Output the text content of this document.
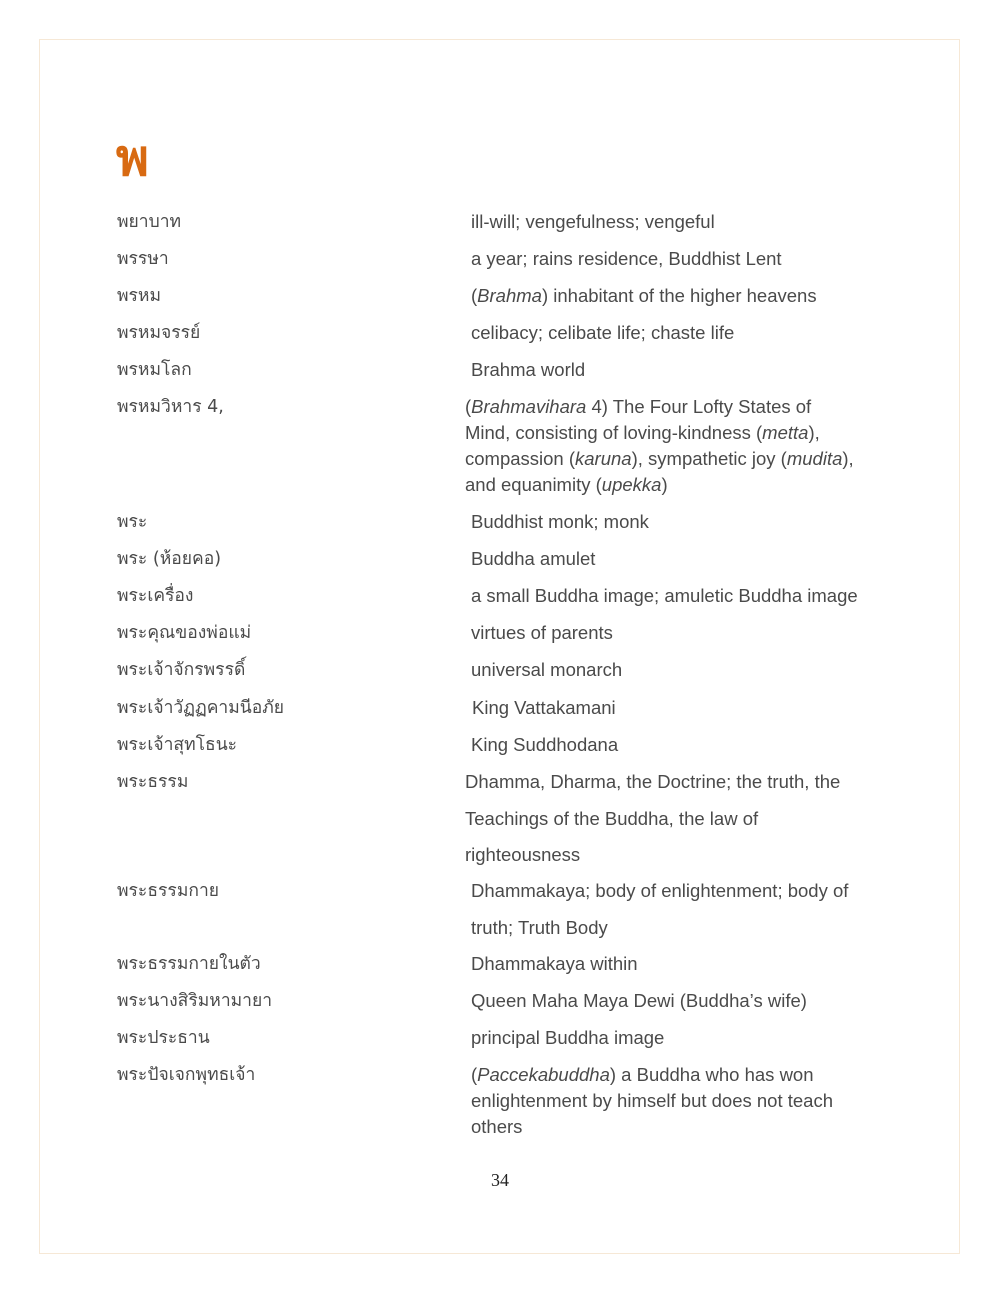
พ
พยาบาท	ill-will; vengefulness; vengeful
พรรษา	a year; rains residence, Buddhist Lent
พรหม	(Brahma) inhabitant of the higher heavens
พรหมจรรย์	celibacy; celibate life; chaste life
พรหมโลก	Brahma world
พรหมวิหาร 4,	(Brahmavihara 4) The Four Lofty States of
Mind, consisting of loving-kindness (metta),
compassion (karuna), sympathetic joy (mudita),
and equanimity (upekka)
พระ	Buddhist monk; monk
พระ (ห้อยคอ)	Buddha amulet
พระเครื่อง	a small Buddha image; amuletic Buddha image
พระคุณของพ่อแม่	virtues of parents
พระเจ้าจักรพรรดิ์	universal monarch
พระเจ้าวัฏฏคามนีอภัย	King Vattakamani
พระเจ้าสุทโธนะ	King Suddhodana
พระธรรม	Dhamma, Dharma, the Doctrine; the truth, the
Teachings of the Buddha, the law of
righteousness
พระธรรมกาย	Dhammakaya; body of enlightenment; body of
truth; Truth Body
พระธรรมกายในตัว	Dhammakaya within
พระนางสิริมหามายา	Queen Maha Maya Dewi (Buddha’s wife)
พระประธาน	principal Buddha image
พระปัจเจกพุทธเจ้า	(Paccekabuddha) a Buddha who has won
enlightenment by himself but does not teach
others
34
